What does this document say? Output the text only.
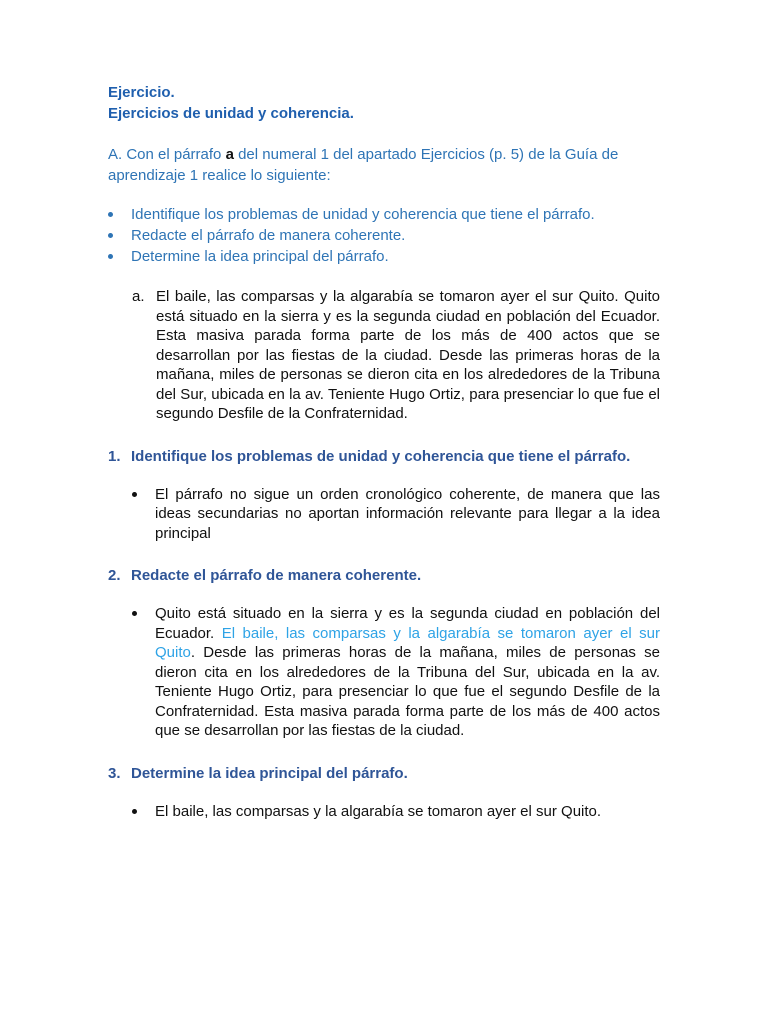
Ejercicio.

Ejercicios de unidad y coherencia.

A. Con el párrafo a del numeral 1 del apartado Ejercicios (p. 5) de la Guía de aprendizaje 1 realice lo siguiente:

Identifique los problemas de unidad y coherencia que tiene el párrafo.
Redacte el párrafo de manera coherente.
Determine la idea principal del párrafo.
a. El baile, las comparsas y la algarabía se tomaron ayer el sur Quito. Quito está situado en la sierra y es la segunda ciudad en población del Ecuador. Esta masiva parada forma parte de los más de 400 actos que se desarrollan por las fiestas de la ciudad. Desde las primeras horas de la mañana, miles de personas se dieron cita en los alrededores de la Tribuna del Sur, ubicada en la av. Teniente Hugo Ortiz, para presenciar lo que fue el segundo Desfile de la Confraternidad.
1. Identifique los problemas de unidad y coherencia que tiene el párrafo.
El párrafo no sigue un orden cronológico coherente, de manera que las ideas secundarias no aportan información relevante para llegar a la idea principal
2. Redacte el párrafo de manera coherente.
Quito está situado en la sierra y es la segunda ciudad en población del Ecuador. El baile, las comparsas y la algarabía se tomaron ayer el sur Quito. Desde las primeras horas de la mañana, miles de personas se dieron cita en los alrededores de la Tribuna del Sur, ubicada en la av. Teniente Hugo Ortiz, para presenciar lo que fue el segundo Desfile de la Confraternidad. Esta masiva parada forma parte de los más de 400 actos que se desarrollan por las fiestas de la ciudad.
3. Determine la idea principal del párrafo.
El baile, las comparsas y la algarabía se tomaron ayer el sur Quito.
